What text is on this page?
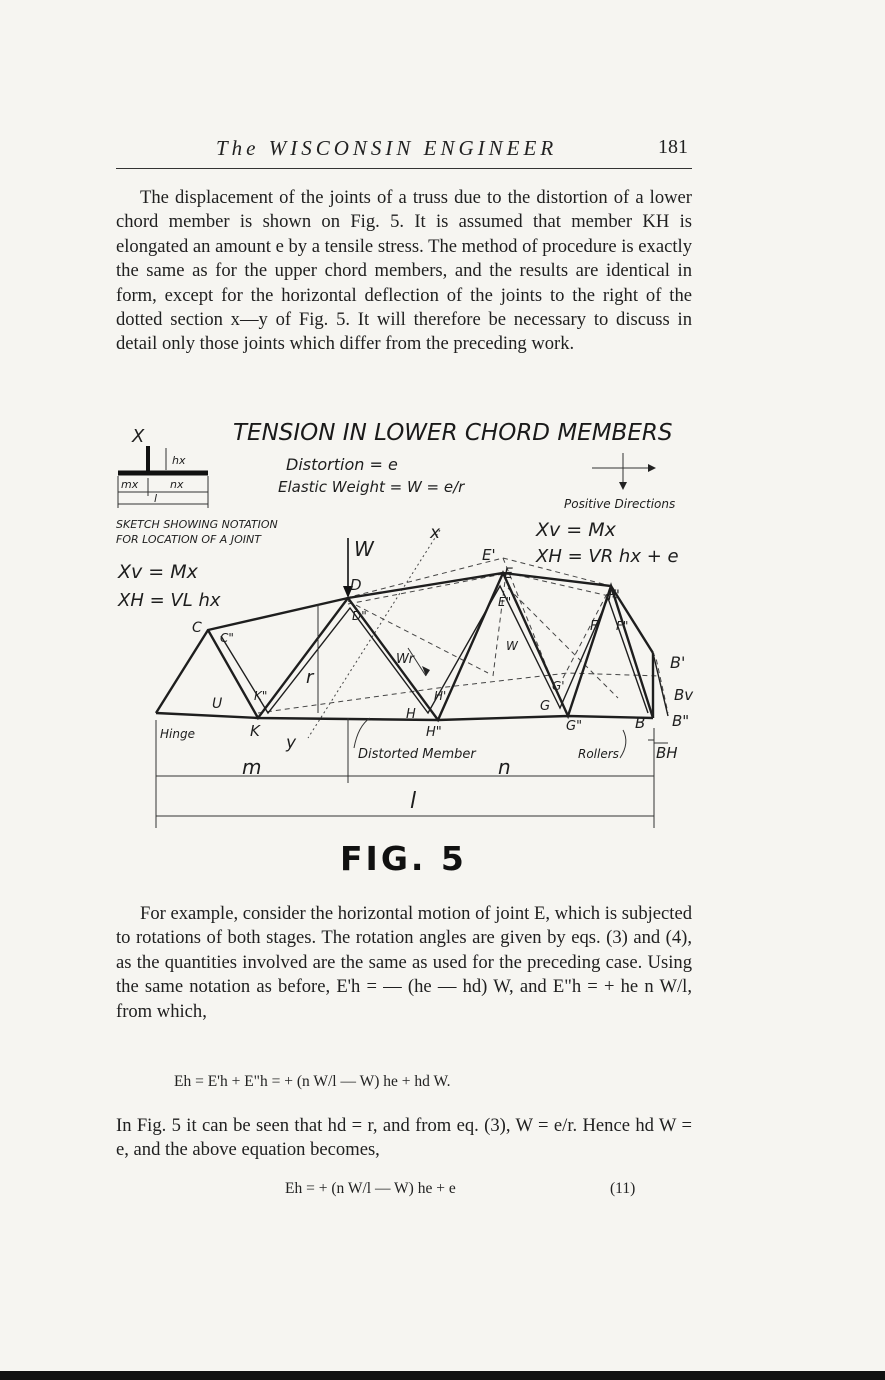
The WISCONSIN ENGINEER	181

The displacement of the joints of a truss due to the distortion of a lower chord member is shown on Fig. 5. It is assumed that member KH is elongated an amount e by a tensile stress. The method of procedure is exactly the same as for the upper chord members, and the results are identical in form, except for the horizontal deflection of the joints to the right of the dotted section x—y of Fig. 5. It will therefore be necessary to discuss in detail only those joints which differ from the preceding work.

TENSION IN LOWER CHORD MEMBERS
Distortion = e
Elastic Weight = W = e/r
Positive Directions
X
hx
mx	nx
l
SKETCH SHOWING NOTATION
FOR LOCATION OF A JOINT
Xv = Mx
XH = VL hx
Xv = Mx
XH = VR hx + e
W
r
x
y
Wr
W
C
C"
D
D"
E'
E
E"	F'
F F"
U
K
K"
H
H'
H"
G
G'
G"	B
B'
Bv
B"
BH
Hinge
Rollers
Distorted Member
m	n
l
FIG. 5

For example, consider the horizontal motion of joint E, which is subjected to rotations of both stages. The rotation angles are given by eqs. (3) and (4), as the quantities involved are the same as used for the preceding case. Using the same notation as before, E'h = — (he — hd) W, and E"h = + he n W/l, from which,

Eh = E'h + E"h = + (n W/l — W) he + hd W.

In Fig. 5 it can be seen that hd = r, and from eq. (3), W = e/r. Hence hd W = e, and the above equation becomes,

Eh = + (n W/l — W) he + e	(11)
